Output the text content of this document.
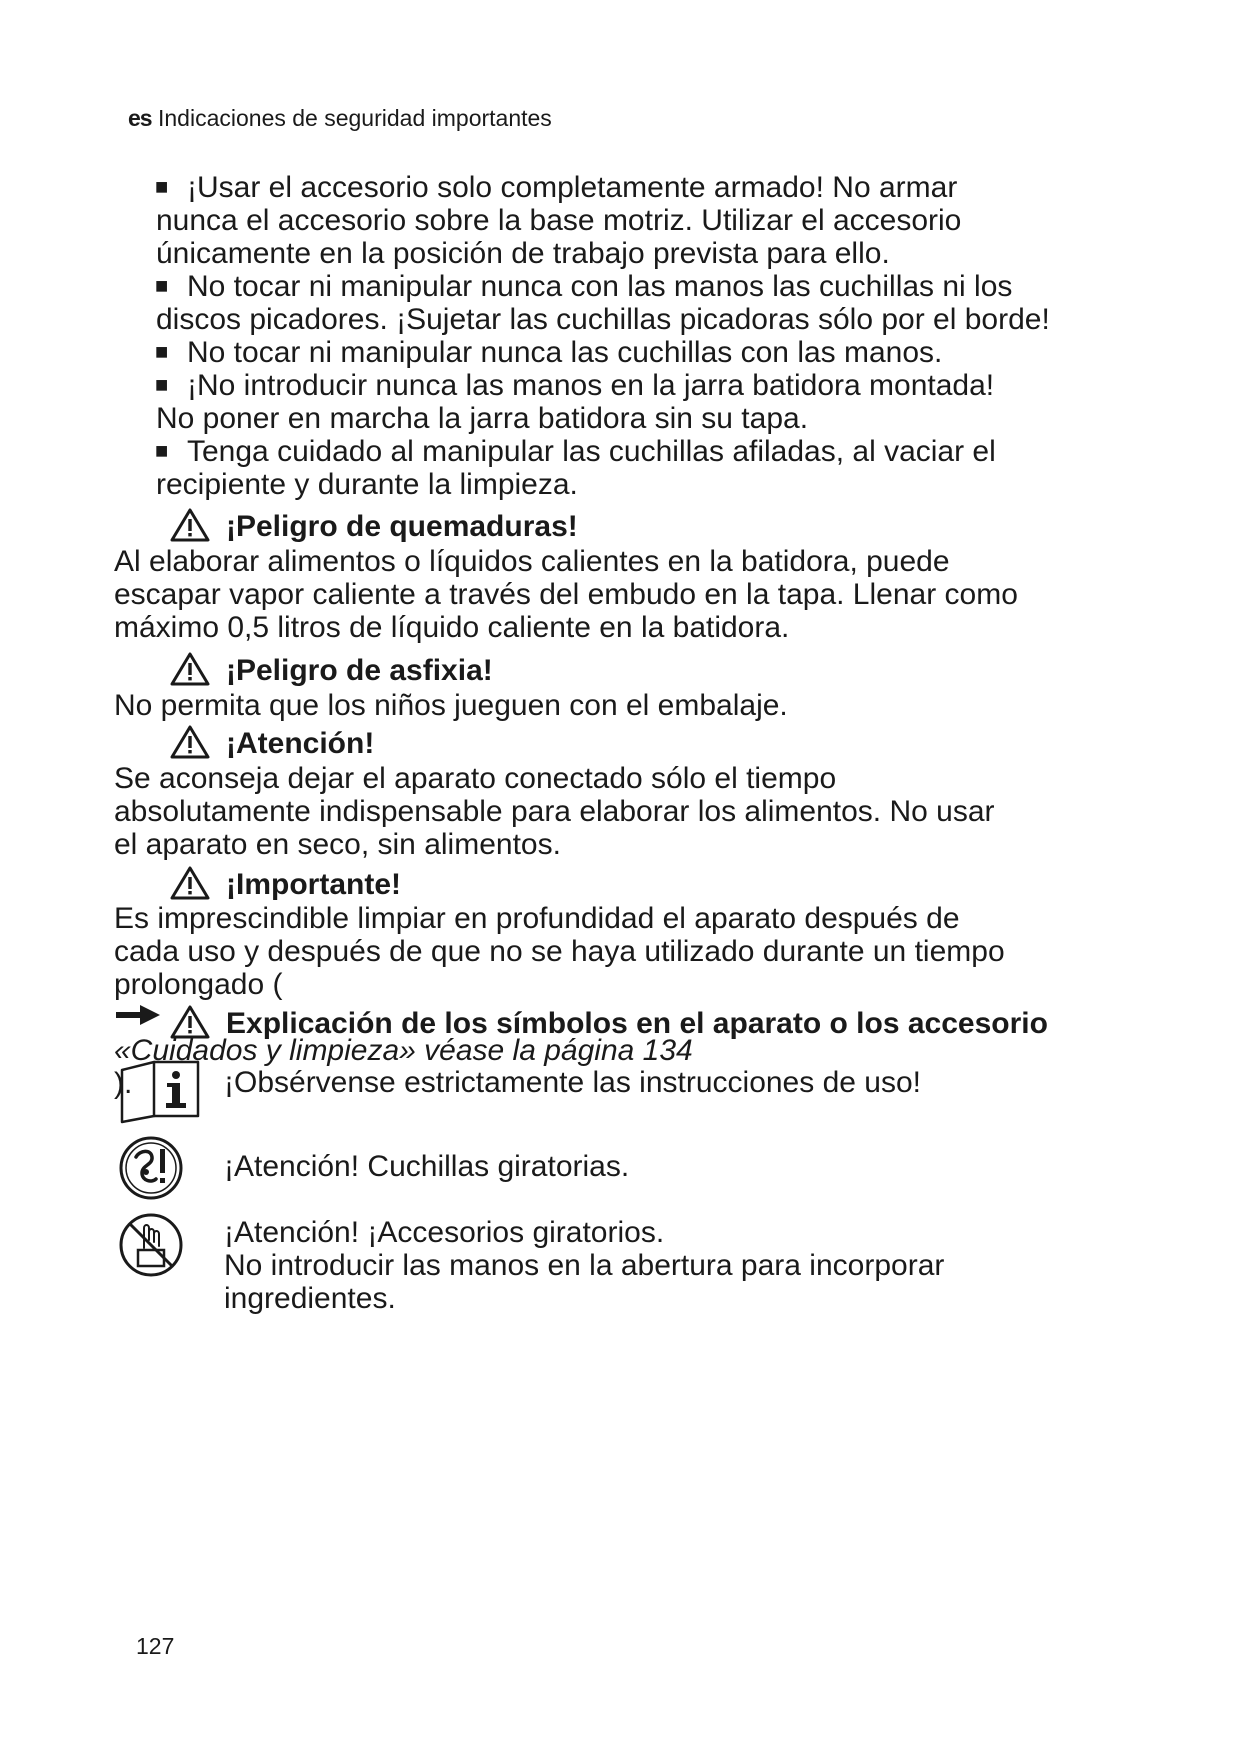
es Indicaciones de seguridad importantes
■ ¡Usar el accesorio solo completamente armado! No armar
nunca el accesorio sobre la base motriz. Utilizar el accesorio
únicamente en la posición de trabajo prevista para ello.
■ No tocar ni manipular nunca con las manos las cuchillas ni los
discos picadores. ¡Sujetar las cuchillas picadoras sólo por el borde!
■ No tocar ni manipular nunca las cuchillas con las manos.
■ ¡No introducir nunca las manos en la jarra batidora montada!
No poner en marcha la jarra batidora sin su tapa.
■ Tenga cuidado al manipular las cuchillas afiladas, al vaciar el
recipiente y durante la limpieza.
¡Peligro de quemaduras!
Al elaborar alimentos o líquidos calientes en la batidora, puede
escapar vapor caliente a través del embudo en la tapa. Llenar como
máximo 0,5 litros de líquido caliente en la batidora.
¡Peligro de asfixia!
No permita que los niños jueguen con el embalaje.
¡Atención!
Se aconseja dejar el aparato conectado sólo el tiempo
absolutamente indispensable para elaborar los alimentos. No usar
el aparato en seco, sin alimentos.
¡Importante!
Es imprescindible limpiar en profundidad el aparato después de
cada uso y después de que no se haya utilizado durante un tiempo
prolongado (
«Cuidados y limpieza» véase la página 134
).
Explicación de los símbolos en el aparato o los accesorio
¡Obsérvense estrictamente las instrucciones de uso!
¡Atención! Cuchillas giratorias.
¡Atención! ¡Accesorios giratorios.
No introducir las manos en la abertura para incorporar
ingredientes.
127
